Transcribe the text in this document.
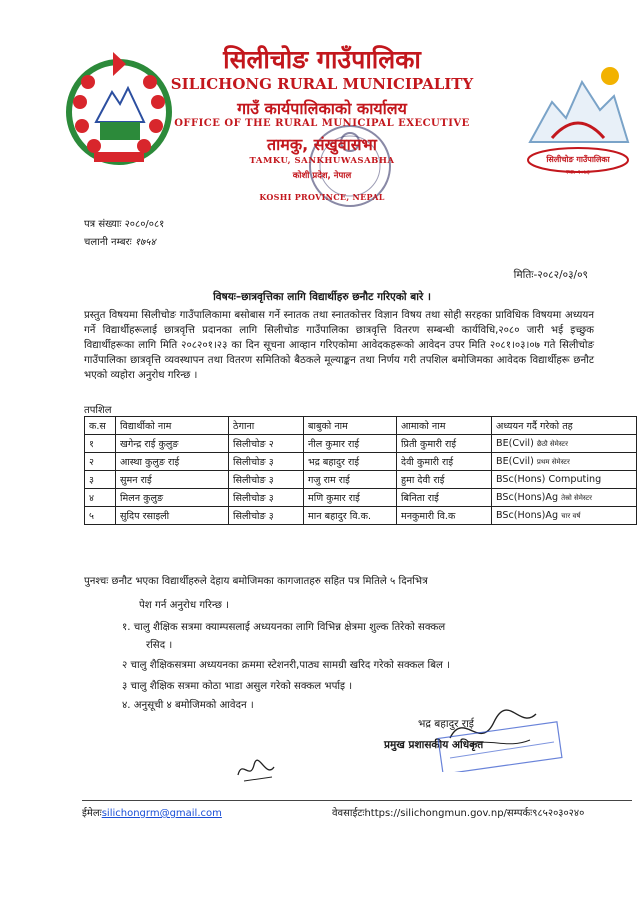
सिलीचोङ गाउँपालिका
स्था. २०७३
सिलीचोङ गाउँपालिका
SILICHONG RURAL MUNICIPALITY
गाउँ कार्यपालिकाको कार्यालय
OFFICE OF THE RURAL MUNICIPAL EXECUTIVE
तामकु, संखुवासभा
TAMKU, SANKHUWASABHA
कोशी प्रदेश, नेपाल
KOSHI PROVINCE, NEPAL
पत्र संख्याः २०८०/०८१
चलानी नम्बरः १७५४
मितिः-२०८२/०३/०९
विषयः–छात्रवृत्तिका लागि विद्यार्थीहरु छनौट गरिएको बारे ।
प्रस्तुत विषयमा सिलीचोङ गाउँपालिकामा बसोबास गर्ने स्नातक तथा स्नातकोत्तर विज्ञान विषय तथा सोही सरहका प्राविधिक विषयमा अध्ययन गर्ने विद्यार्थीहरूलाई छात्रवृत्ति प्रदानका लागि सिलीचोङ गाउँपालिका छात्रवृत्ति वितरण सम्बन्धी कार्यविधि,२०८० जारी भई इच्छुक विद्यार्थीहरूका लागि मिति २०८२०१।२३ का दिन सूचना आव्हान गरिएकोमा आवेदकहरूको आवेदन उपर मिति २०८१।०३।०७ गते सिलीचोङ गाउँपालिका छात्रवृत्ति व्यवस्थापन तथा वितरण समितिको बैठकले मूल्याङ्कन तथा निर्णय गरी तपशिल बमोजिमका आवेदक विद्यार्थीहरू छनौट भएको व्यहोरा अनुरोध गरिन्छ ।
तपशिल
क.स	विद्यार्थीको नाम	ठेगाना	बाबुको नाम	आमाको नाम	अध्ययन गर्दै गरेको तह
१	खगेन्द्र राई कुलुङ	सिलीचोङ २	नील कुमार राई	प्रिती कुमारी राई	BE(Cvil) छैठौ सेमेस्टर
२	आस्था कुलुङ राई	सिलीचोङ ३	भद्र बहादुर राई	देवी कुमारी राई	BE(Cvil) प्रथम सेमेस्टर
३	सुमन राई	सिलीचोङ ३	गजु राम राई	हुमा देवी राई	BSc(Hons) Computing
४	मिलन कुलुङ	सिलीचोङ ३	मणि कुमार राई	बिनिता राई	BSc(Hons)Ag तेस्रो सेमेस्टर
५	सुदिप रसाइली	सिलीचोङ ३	मान बहादुर वि.क.	मनकुमारी वि.क	BSc(Hons)Ag चार वर्ष
पुनश्चः छनौट भएका विद्यार्थीहरुले देहाय बमोजिमका कागजातहरु सहित पत्र मितिले ५ दिनभित्र
पेश गर्न अनुरोध गरिन्छ ।
१. चालु शैक्षिक सत्रमा क्याम्पसलाई अध्ययनका लागि विभिन्न क्षेत्रमा शुल्क तिरेको सक्कल
रसिद ।
२ चालु शैक्षिकसत्रमा अध्ययनका क्रममा स्टेशनरी,पाठ्य सामग्री खरिद गरेको सक्कल बिल ।
३ चालु शैक्षिक सत्रमा कोठा भाडा असुल गरेको सक्कल भर्पाइ ।
४. अनुसूची ४ बमोजिमको आवेदन ।
भद्र बहादुर राई
प्रमुख प्रशासकीय अधिकृत
ईमेलःsilichongrm@gmail.com	वेवसाईटःhttps://silichongmun.gov.np/सम्पर्कः९८५२०३०२४०
